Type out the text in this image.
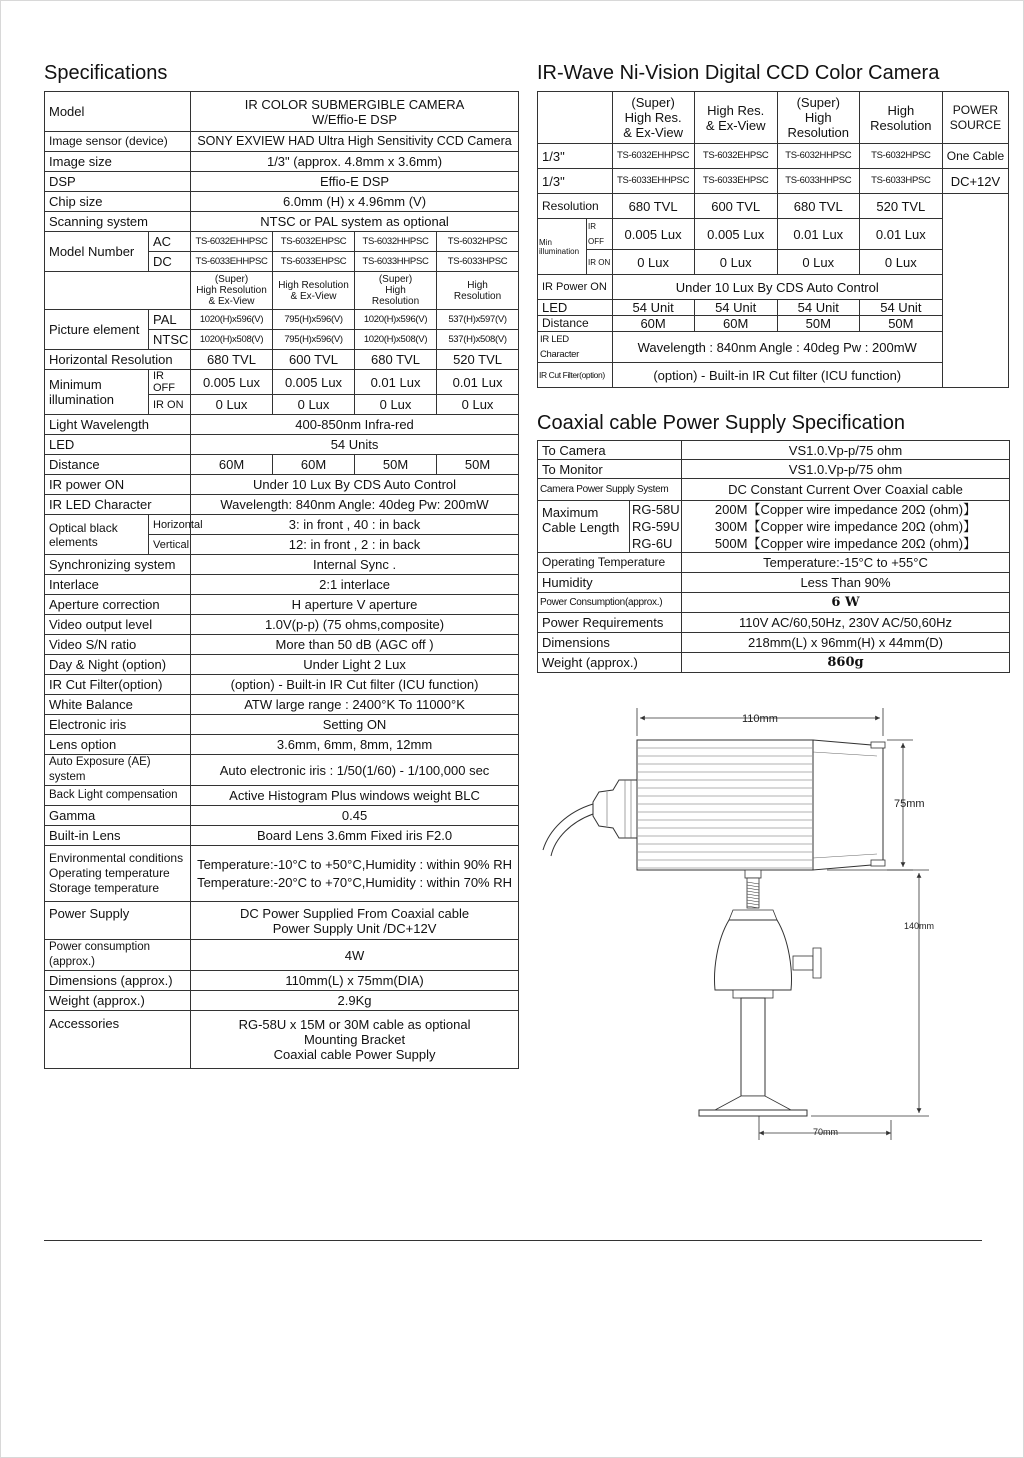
Specifications
Model		IR COLOR SUBMERGIBLE CAMERA
W/Effio-E DSP			
Image sensor (device)		SONY EXVIEW HAD Ultra High Sensitivity CCD Camera			
Image size		1/3" (approx. 4.8mm x 3.6mm)			
DSP		Effio-E DSP			
Chip size		6.0mm (H) x 4.96mm (V)			
Scanning system		NTSC or PAL system as optional			
Model Number	AC	TS-6032EHHPSC	TS-6032EHPSC	TS-6032HHPSC	TS-6032HPSC
	DC	TS-6033EHHPSC	TS-6033EHPSC	TS-6033HHPSC	TS-6033HPSC
		(Super)
High Resolution
& Ex-View	High Resolution
& Ex-View	(Super)
High
Resolution	High
Resolution
Picture element	PAL	1020(H)x596(V)	795(H)x596(V)	1020(H)x596(V)	537(H)x597(V)
	NTSC	1020(H)x508(V)	795(H)x596(V)	1020(H)x508(V)	537(H)x508(V)
Horizontal Resolution		680 TVL	600 TVL	680 TVL	520 TVL
Minimum
illumination	IR OFF	0.005 Lux	0.005 Lux	0.01 Lux	0.01 Lux
	IR ON	0 Lux	0 Lux	0 Lux	0 Lux
Light Wavelength		400-850nm Infra-red			
LED		54 Units			
Distance		60M	60M	50M	50M
IR power ON		Under 10 Lux By CDS Auto Control			
IR LED Character		Wavelength: 840nm Angle: 40deg Pw: 200mW			
Optical black
elements	Horizontal	3: in front , 40 : in back			
	Vertical	12: in front , 2 : in back			
Synchronizing system		Internal Sync .			
Interlace		2:1 interlace			
Aperture correction		H aperture V aperture			
Video output level		1.0V(p-p) (75 ohms,composite)			
Video S/N ratio		More than 50 dB (AGC off )			
Day & Night (option)		Under Light 2 Lux			
IR Cut Filter(option)		(option) - Built-in IR Cut filter (ICU function)			
White Balance		ATW large range : 2400°K To 11000°K			
Electronic iris		Setting ON			
Lens option		3.6mm, 6mm, 8mm, 12mm			
Auto Exposure (AE) system		Auto electronic iris : 1/50(1/60) - 1/100,000 sec			
Back Light compensation		Active Histogram Plus windows weight BLC			
Gamma		0.45			
Built-in Lens		Board Lens 3.6mm Fixed iris F2.0			
Environmental conditions
Operating temperature
Storage temperature		Temperature:-10°C to +50°C,Humidity : within 90% RH
Temperature:-20°C to +70°C,Humidity : within 70% RH			
Power Supply		DC Power Supplied From Coaxial cable
Power Supply Unit /DC+12V			
Power consumption (approx.)		4W			
Dimensions (approx.)		110mm(L) x 75mm(DIA)			
Weight (approx.)		2.9Kg			
Accessories		RG-58U x 15M or 30M cable as optional
Mounting Bracket
Coaxial cable Power Supply			
IR-Wave Ni-Vision Digital CCD Color Camera
		(Super)
High Res.
& Ex-View	High Res.
& Ex-View	(Super)
High
Resolution	High
Resolution	POWER
SOURCE
1/3"		TS-6032EHHPSC	TS-6032EHPSC	TS-6032HHPSC	TS-6032HPSC	One Cable
1/3"		TS-6033EHHPSC	TS-6033EHPSC	TS-6033HHPSC	TS-6033HPSC	DC+12V
Resolution		680 TVL	600 TVL	680 TVL	520 TVL	
Min
illumination	IR OFF	0.005 Lux	0.005 Lux	0.01 Lux	0.01 Lux	
	IR ON	0 Lux	0 Lux	0 Lux	0 Lux	
IR Power ON		Under 10 Lux By CDS Auto Control				
LED		54 Unit	54 Unit	54 Unit	54 Unit	
Distance		60M	60M	50M	50M	
IR LED Character		Wavelength : 840nm Angle : 40deg Pw : 200mW				
IR Cut Filter(option)		(option) - Built-in IR Cut filter (ICU function)				
Coaxial cable Power Supply Specification
To Camera		VS1.0.Vp-p/75 ohm
To Monitor		VS1.0.Vp-p/75 ohm
Camera Power Supply System		DC Constant Current Over Coaxial cable
Maximum
Cable Length	RG-58U	200M【Copper wire impedance 20Ω (ohm)】
	RG-59U	300M【Copper wire impedance 20Ω (ohm)】
	RG-6U	500M【Copper wire impedance 20Ω (ohm)】
Operating Temperature		Temperature:-15°C to +55°C
Humidity		Less Than 90%
Power Consumption(approx.)		6 W
Power Requirements		110V AC/60,50Hz, 230V AC/50,60Hz
Dimensions		218mm(L) x 96mm(H) x 44mm(D)
Weight (approx.)		860g
110mm
75mm
140mm
70mm
